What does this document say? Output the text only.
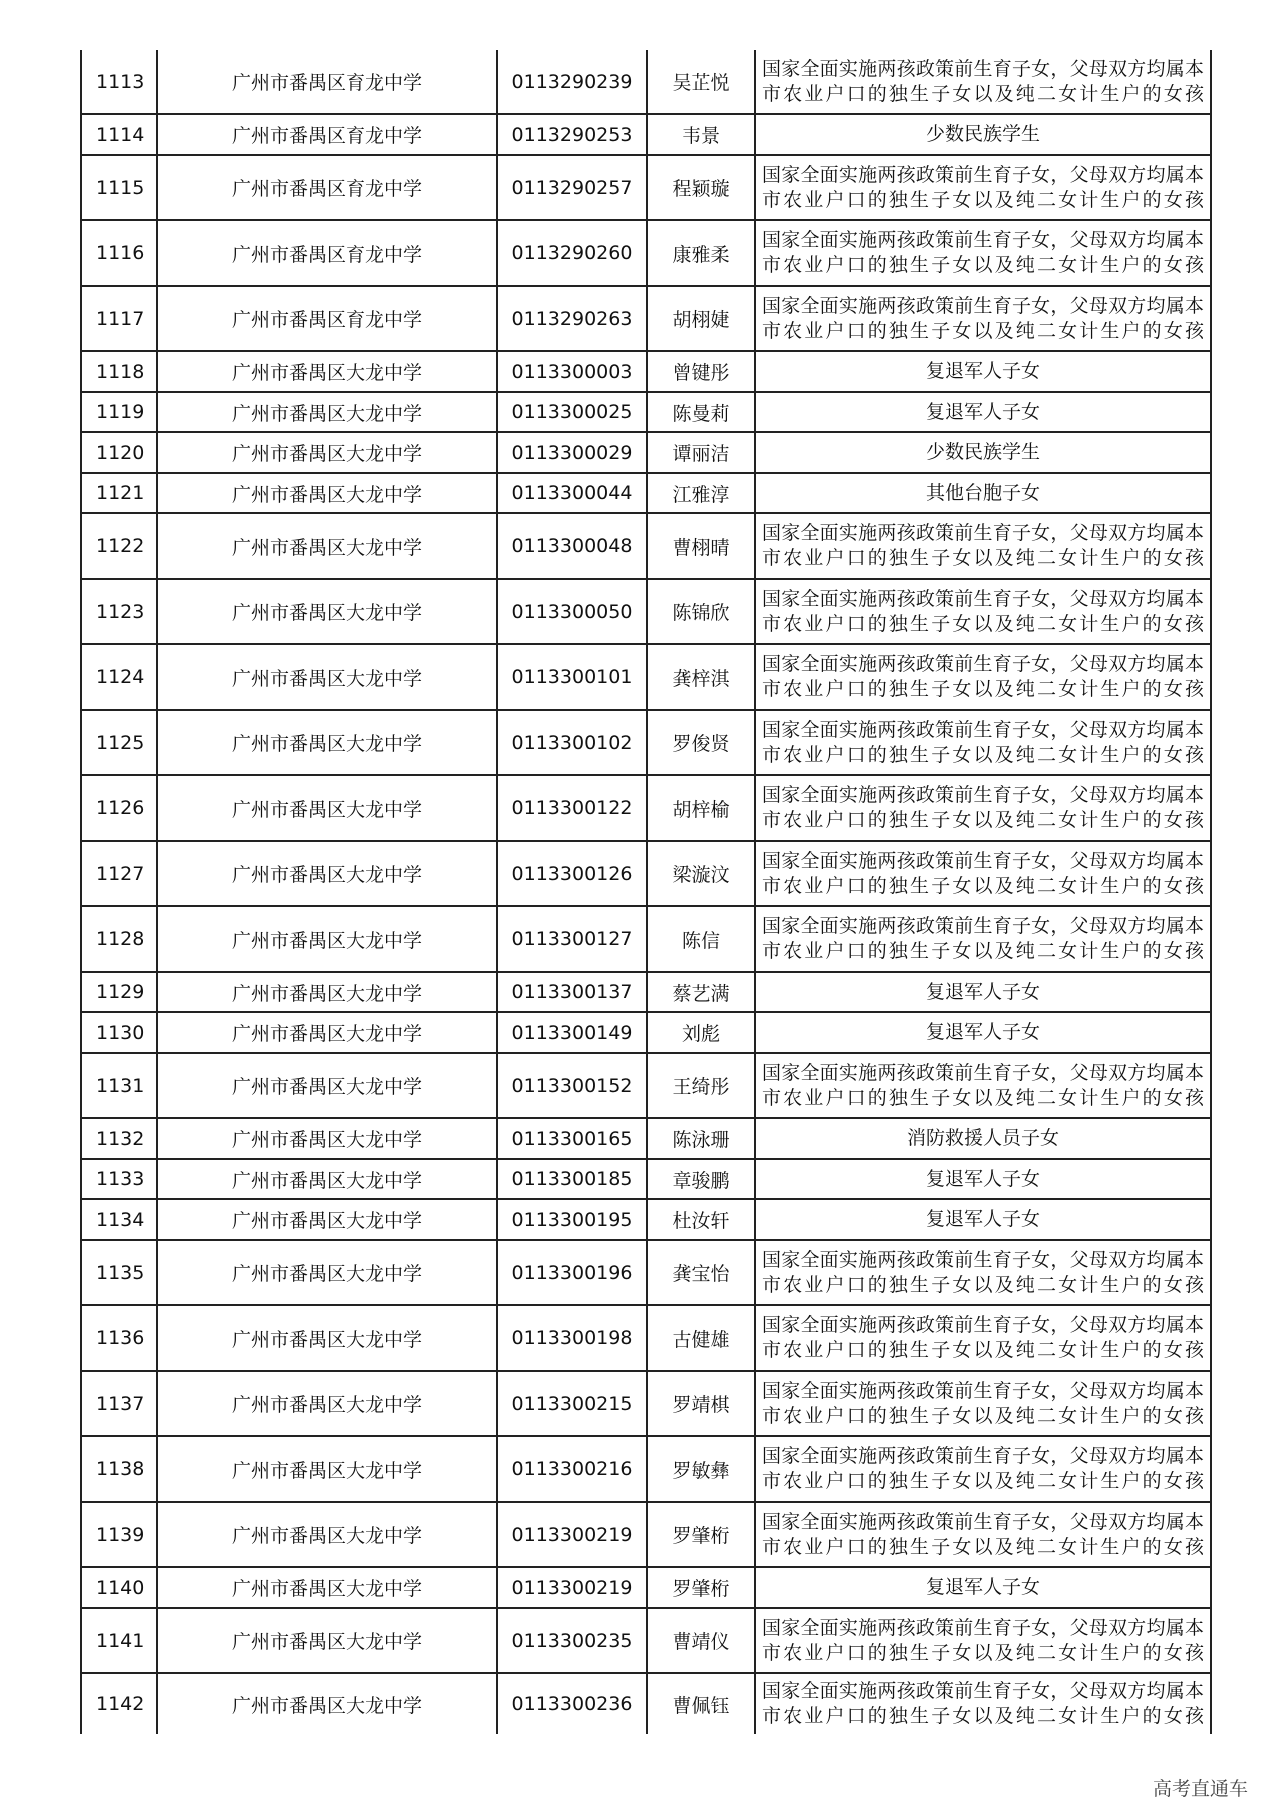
1113	广州市番禺区育龙中学	0113290239	吴芷悦	国家全面实施两孩政策前生育子女，父母双方均属本市农业户口的独生子女以及纯二女计生户的女孩
1114	广州市番禺区育龙中学	0113290253	韦景	少数民族学生
1115	广州市番禺区育龙中学	0113290257	程颖璇	国家全面实施两孩政策前生育子女，父母双方均属本市农业户口的独生子女以及纯二女计生户的女孩
1116	广州市番禺区育龙中学	0113290260	康雅柔	国家全面实施两孩政策前生育子女，父母双方均属本市农业户口的独生子女以及纯二女计生户的女孩
1117	广州市番禺区育龙中学	0113290263	胡栩婕	国家全面实施两孩政策前生育子女，父母双方均属本市农业户口的独生子女以及纯二女计生户的女孩
1118	广州市番禺区大龙中学	0113300003	曾键彤	复退军人子女
1119	广州市番禺区大龙中学	0113300025	陈曼莉	复退军人子女
1120	广州市番禺区大龙中学	0113300029	谭丽洁	少数民族学生
1121	广州市番禺区大龙中学	0113300044	江雅淳	其他台胞子女
1122	广州市番禺区大龙中学	0113300048	曹栩晴	国家全面实施两孩政策前生育子女，父母双方均属本市农业户口的独生子女以及纯二女计生户的女孩
1123	广州市番禺区大龙中学	0113300050	陈锦欣	国家全面实施两孩政策前生育子女，父母双方均属本市农业户口的独生子女以及纯二女计生户的女孩
1124	广州市番禺区大龙中学	0113300101	龚梓淇	国家全面实施两孩政策前生育子女，父母双方均属本市农业户口的独生子女以及纯二女计生户的女孩
1125	广州市番禺区大龙中学	0113300102	罗俊贤	国家全面实施两孩政策前生育子女，父母双方均属本市农业户口的独生子女以及纯二女计生户的女孩
1126	广州市番禺区大龙中学	0113300122	胡梓榆	国家全面实施两孩政策前生育子女，父母双方均属本市农业户口的独生子女以及纯二女计生户的女孩
1127	广州市番禺区大龙中学	0113300126	梁漩汶	国家全面实施两孩政策前生育子女，父母双方均属本市农业户口的独生子女以及纯二女计生户的女孩
1128	广州市番禺区大龙中学	0113300127	陈信	国家全面实施两孩政策前生育子女，父母双方均属本市农业户口的独生子女以及纯二女计生户的女孩
1129	广州市番禺区大龙中学	0113300137	蔡艺满	复退军人子女
1130	广州市番禺区大龙中学	0113300149	刘彪	复退军人子女
1131	广州市番禺区大龙中学	0113300152	王绮彤	国家全面实施两孩政策前生育子女，父母双方均属本市农业户口的独生子女以及纯二女计生户的女孩
1132	广州市番禺区大龙中学	0113300165	陈泳珊	消防救援人员子女
1133	广州市番禺区大龙中学	0113300185	章骏鹏	复退军人子女
1134	广州市番禺区大龙中学	0113300195	杜汝轩	复退军人子女
1135	广州市番禺区大龙中学	0113300196	龚宝怡	国家全面实施两孩政策前生育子女，父母双方均属本市农业户口的独生子女以及纯二女计生户的女孩
1136	广州市番禺区大龙中学	0113300198	古健雄	国家全面实施两孩政策前生育子女，父母双方均属本市农业户口的独生子女以及纯二女计生户的女孩
1137	广州市番禺区大龙中学	0113300215	罗靖棋	国家全面实施两孩政策前生育子女，父母双方均属本市农业户口的独生子女以及纯二女计生户的女孩
1138	广州市番禺区大龙中学	0113300216	罗敏彝	国家全面实施两孩政策前生育子女，父母双方均属本市农业户口的独生子女以及纯二女计生户的女孩
1139	广州市番禺区大龙中学	0113300219	罗肇桁	国家全面实施两孩政策前生育子女，父母双方均属本市农业户口的独生子女以及纯二女计生户的女孩
1140	广州市番禺区大龙中学	0113300219	罗肇桁	复退军人子女
1141	广州市番禺区大龙中学	0113300235	曹靖仪	国家全面实施两孩政策前生育子女，父母双方均属本市农业户口的独生子女以及纯二女计生户的女孩
1142	广州市番禺区大龙中学	0113300236	曹佩钰	国家全面实施两孩政策前生育子女，父母双方均属本市农业户口的独生子女以及纯二女计生户的女孩
高考直通车
